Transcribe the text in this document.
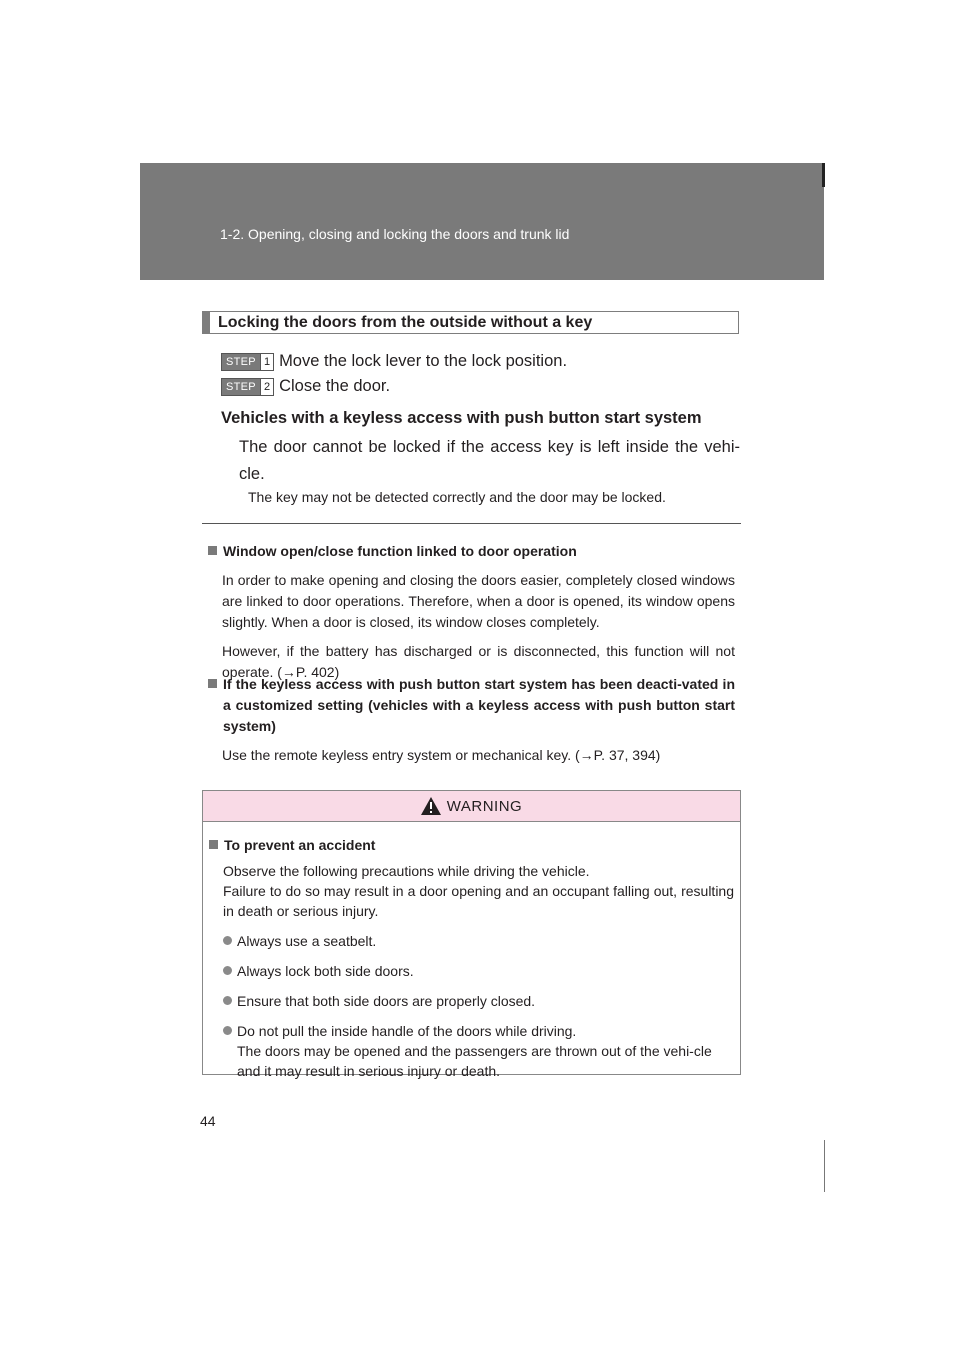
1-2. Opening, closing and locking the doors and trunk lid
Locking the doors from the outside without a key
STEP 1 Move the lock lever to the lock position.
STEP 2 Close the door.
Vehicles with a keyless access with push button start system
The door cannot be locked if the access key is left inside the vehi-cle.
The key may not be detected correctly and the door may be locked.
Window open/close function linked to door operation

In order to make opening and closing the doors easier, completely closed windows are linked to door operations. Therefore, when a door is opened, its window opens slightly. When a door is closed, its window closes completely.

However, if the battery has discharged or is disconnected, this function will not operate. (→P. 402)

If the keyless access with push button start system has been deacti-vated in a customized setting (vehicles with a keyless access with push button start system)

Use the remote keyless entry system or mechanical key. (→P. 37, 394)

WARNING
To prevent an accident
Observe the following precautions while driving the vehicle.
Failure to do so may result in a door opening and an occupant falling out, resulting in death or serious injury.
Always use a seatbelt.
Always lock both side doors.
Ensure that both side doors are properly closed.
Do not pull the inside handle of the doors while driving.
The doors may be opened and the passengers are thrown out of the vehi-cle and it may result in serious injury or death.
44
